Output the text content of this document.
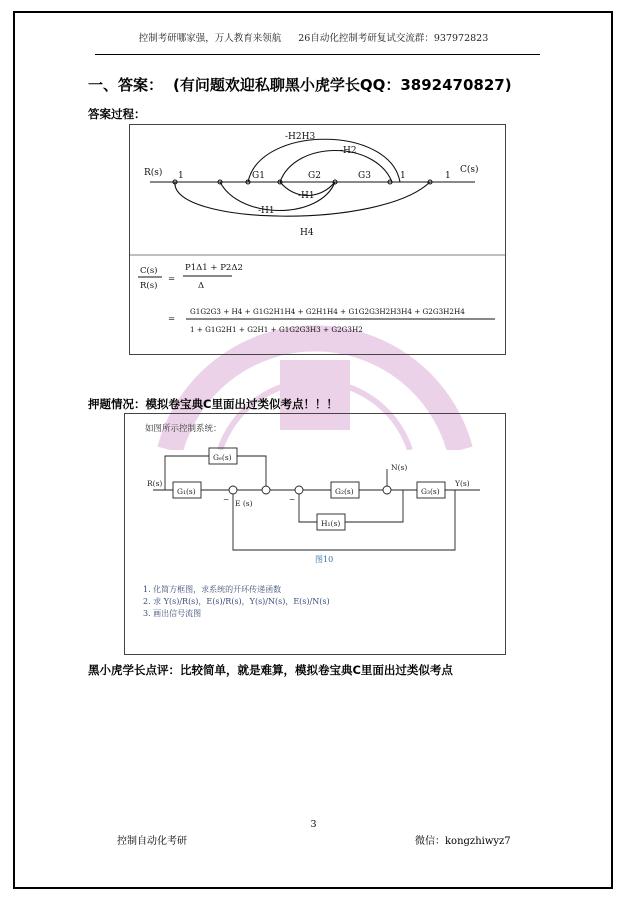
控制考研哪家强，万人教育来领航 26自动化控制考研复试交流群：937972823
一、答案： (有问题欢迎私聊黑小虎学长QQ：3892470827)
答案过程：
R(s)	C(s)
1	1	1
G1	G2	G3
-H2H3
-H2
-H1
-H1
H4
C(s)
R(s)
=
P1Δ1 + P2Δ2
Δ
=
G1G2G3 + H4 + G1G2H1H4 + G2H1H4 + G1G2G3H2H3H4 + G2G3H2H4
1 + G1G2H1 + G2H1 + G1G2G3H3 + G2G3H2
押题情况：模拟卷宝典C里面出过类似考点！！！
如图所示控制系统：
R(s)	Y(s)
N(s)
E (s)
G₁(s)	G₂(s)	G₃(s)
Gₑ(s)
H₁(s)
−	−
图10
1. 化简方框图，求系统的开环传递函数
2. 求 Y(s)/R(s)，E(s)/R(s)，Y(s)/N(s)，E(s)/N(s)
3. 画出信号流图
黑小虎学长点评：比较简单，就是难算，模拟卷宝典C里面出过类似考点
3
控制自动化考研	微信：kongzhiwyz7
